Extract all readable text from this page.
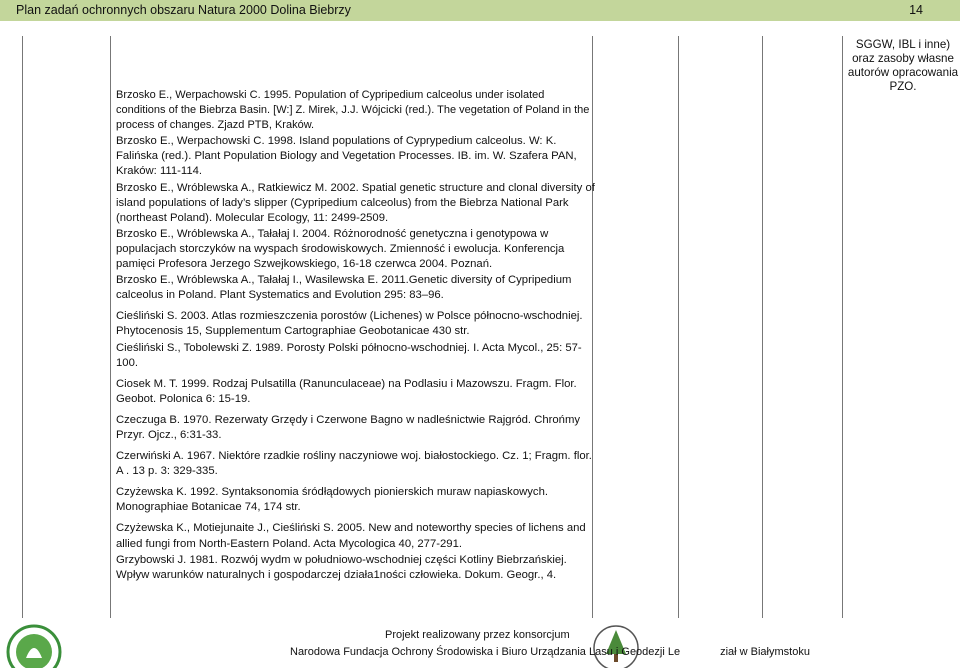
Plan zadań ochronnych obszaru Natura 2000 Dolina Biebrzy	14

Brzosko E., Werpachowski C. 1995. Population of Cypripedium calceolus under isolated conditions of the Biebrza Basin. [W:] Z. Mirek, J.J. Wójcicki (red.). The vegetation of Poland in the process of changes. Zjazd PTB, Kraków.

Brzosko E., Werpachowski C. 1998. Island populations of Cyprypedium calceolus. W: K. Falińska (red.). Plant Population Biology and Vegetation Processes. IB. im. W. Szafera PAN, Kraków: 111-114.

Brzosko E., Wróblewska A., Ratkiewicz M. 2002. Spatial genetic structure and clonal diversity of island populations of lady’s slipper (Cypripedium calceolus) from the Biebrza National Park (northeast Poland). Molecular Ecology, 11: 2499-2509.

Brzosko E., Wróblewska A., Tałałaj I. 2004. Różnorodność genetyczna i genotypowa w populacjach storczyków na wyspach środowiskowych. Zmienność i ewolucja. Konferencja pamięci Profesora Jerzego Szwejkowskiego, 16-18 czerwca 2004. Poznań.

Brzosko E., Wróblewska A., Tałałaj I., Wasilewska E. 2011.Genetic diversity of Cypripedium calceolus in Poland. Plant Systematics and Evolution 295: 83–96.

Cieśliński S. 2003. Atlas rozmieszczenia porostów (Lichenes) w Polsce północno-wschodniej. Phytocenosis 15, Supplementum Cartographiae Geobotanicae 430 str.

Cieśliński S., Tobolewski Z. 1989. Porosty Polski północno-wschodniej. I. Acta Mycol., 25: 57-100.

Ciosek M. T. 1999. Rodzaj Pulsatilla (Ranunculaceae) na Podlasiu i Mazowszu. Fragm. Flor. Geobot. Polonica 6: 15-19.

Czeczuga B. 1970. Rezerwaty Grzędy i Czerwone Bagno w nadleśnictwie Rajgród. Chrońmy Przyr. Ojcz., 6:31-33.

Czerwiński A. 1967. Niektóre rzadkie rośliny naczyniowe woj. białostockiego. Cz. 1; Fragm. flor. A . 13 p. 3: 329-335.

Czyżewska K. 1992. Syntaksonomia śródłądowych pionierskich muraw napiaskowych. Monographiae Botanicae 74, 174 str.

Czyżewska K., Motiejunaite J., Cieśliński S. 2005. New and noteworthy species of lichens and allied fungi from North-Eastern Poland. Acta Mycologica 40, 277-291.

Grzybowski J. 1981. Rozwój wydm w południowo-wschodniej części Kotliny Biebrzańskiej. Wpływ warunków naturalnych i gospodarczej działa1ności człowieka. Dokum. Geogr., 4.

SGGW, IBL i inne) oraz zasoby własne autorów opracowania PZO.
Projekt realizowany przez konsorcjum
Narodowa Fundacja Ochrony Środowiska i Biuro Urządzania Lasu i Geodezji Le	ział w Białymstoku
